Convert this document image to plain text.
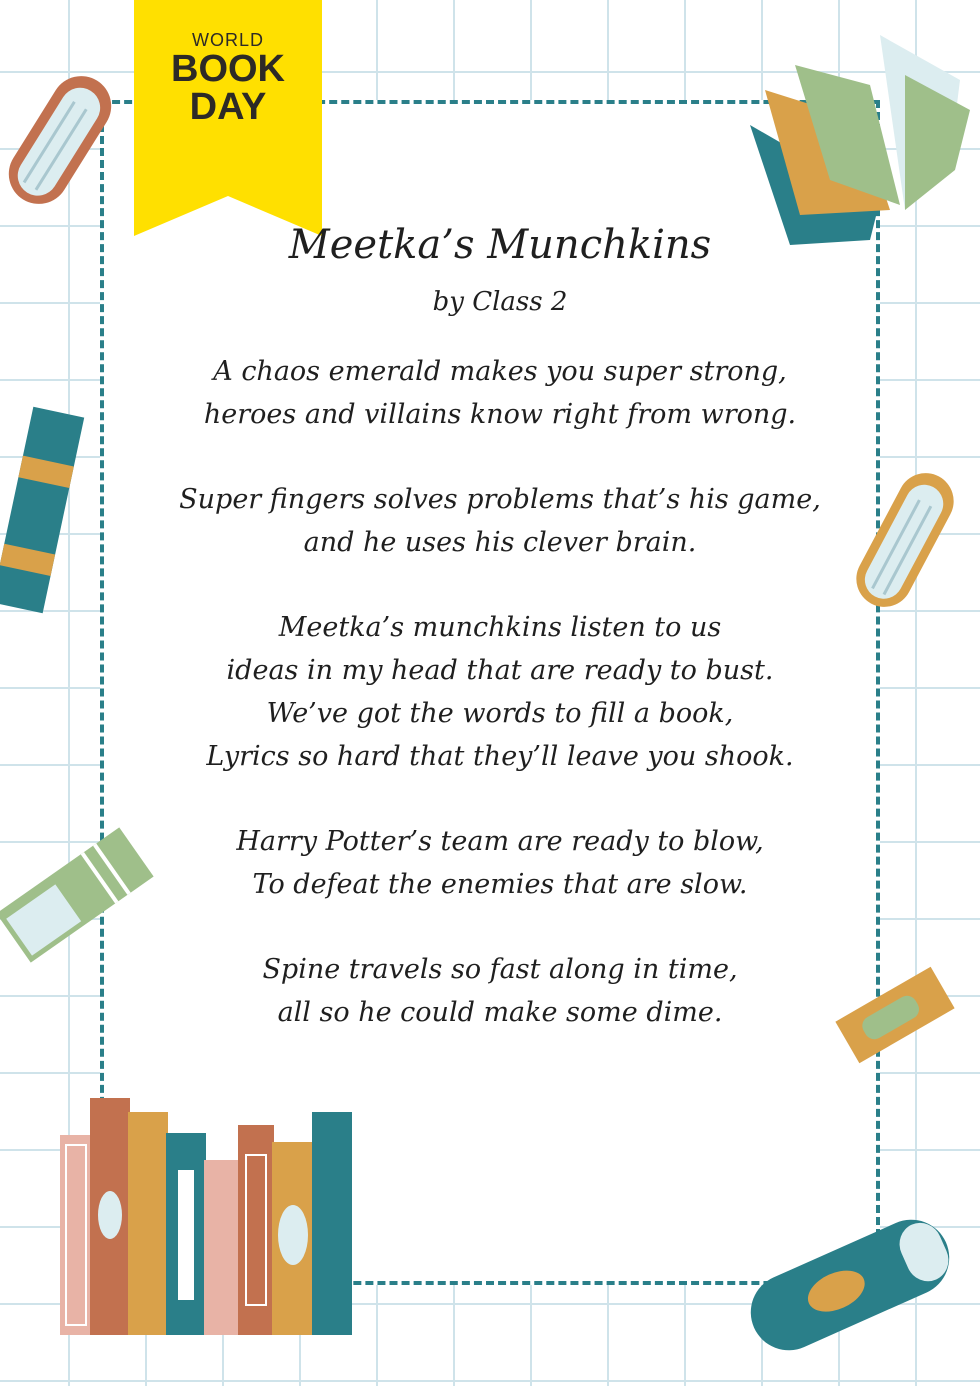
WORLD
BOOK
DAY
Meetka’s Munchkins
by Class 2
A chaos emerald makes you super strong,
heroes and villains know right from wrong.
Super fingers solves problems that’s his game,
and he uses his clever brain.
Meetka’s munchkins listen to us
ideas in my head that are ready to bust.
We’ve got the words to fill a book,
Lyrics so hard that they’ll leave you shook.
Harry Potter’s team are ready to blow,
To defeat the enemies that are slow.
Spine travels so fast along in time,
all so he could make some dime.
